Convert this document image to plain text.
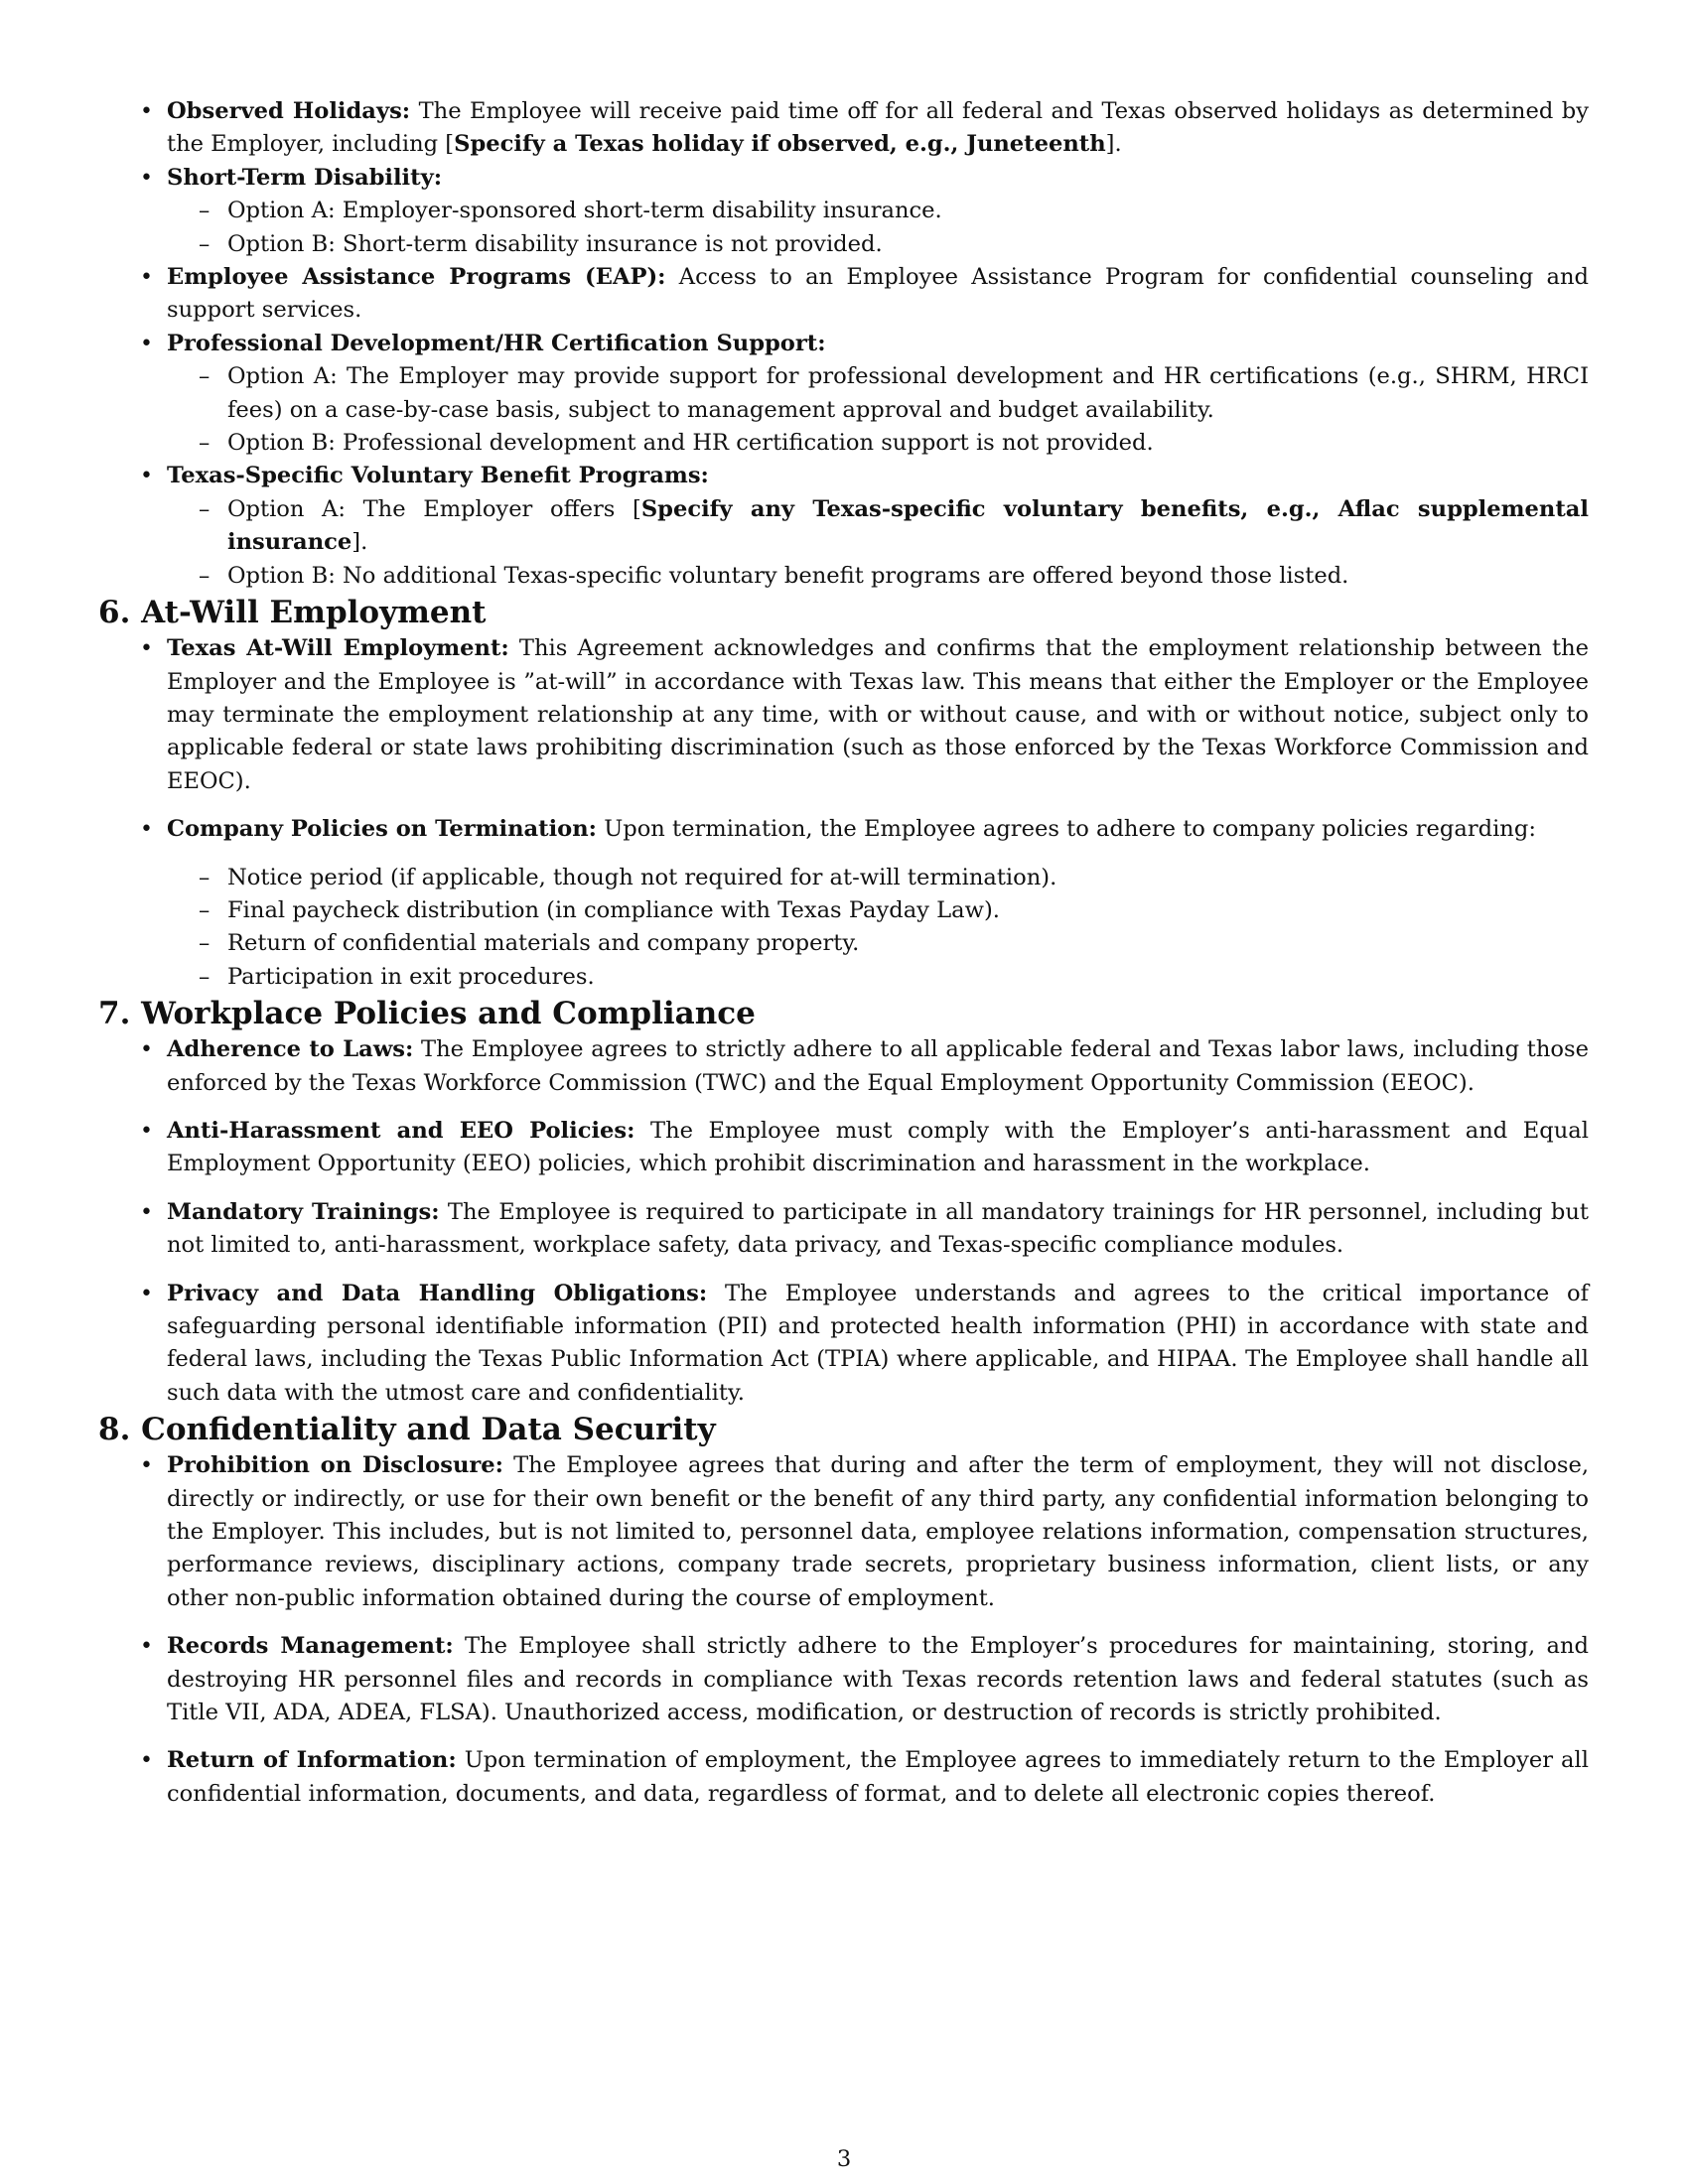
• Observed Holidays: The Employee will receive paid time off for all federal and Texas observed holidays as determined by the Employer, including [Specify a Texas holiday if observed, e.g., Juneteenth].
• Short-Term Disability:
– Option A: Employer-sponsored short-term disability insurance.
– Option B: Short-term disability insurance is not provided.
• Employee Assistance Programs (EAP): Access to an Employee Assistance Program for confidential counseling and support services.
• Professional Development/HR Certification Support:
– Option A: The Employer may provide support for professional development and HR certifications (e.g., SHRM, HRCI fees) on a case-by-case basis, subject to management approval and budget availability.
– Option B: Professional development and HR certification support is not provided.
• Texas-Specific Voluntary Benefit Programs:
– Option A: The Employer offers [Specify any Texas-specific voluntary benefits, e.g., Aflac supplemental insurance].
– Option B: No additional Texas-specific voluntary benefit programs are offered beyond those listed.
6. At-Will Employment
• Texas At-Will Employment: This Agreement acknowledges and confirms that the employment relationship between the Employer and the Employee is ”at-will” in accordance with Texas law. This means that either the Employer or the Employee may terminate the employment relationship at any time, with or without cause, and with or without notice, subject only to applicable federal or state laws prohibiting discrimination (such as those enforced by the Texas Workforce Commission and EEOC).
• Company Policies on Termination: Upon termination, the Employee agrees to adhere to company policies regarding:
– Notice period (if applicable, though not required for at-will termination).
– Final paycheck distribution (in compliance with Texas Payday Law).
– Return of confidential materials and company property.
– Participation in exit procedures.
7. Workplace Policies and Compliance
• Adherence to Laws: The Employee agrees to strictly adhere to all applicable federal and Texas labor laws, including those enforced by the Texas Workforce Commission (TWC) and the Equal Employment Opportunity Commission (EEOC).
• Anti-Harassment and EEO Policies: The Employee must comply with the Employer’s anti-harassment and Equal Employment Opportunity (EEO) policies, which prohibit discrimination and harassment in the workplace.
• Mandatory Trainings: The Employee is required to participate in all mandatory trainings for HR personnel, including but not limited to, anti-harassment, workplace safety, data privacy, and Texas-specific compliance modules.
• Privacy and Data Handling Obligations: The Employee understands and agrees to the critical importance of safeguarding personal identifiable information (PII) and protected health information (PHI) in accordance with state and federal laws, including the Texas Public Information Act (TPIA) where applicable, and HIPAA. The Employee shall handle all such data with the utmost care and confidentiality.
8. Confidentiality and Data Security
• Prohibition on Disclosure: The Employee agrees that during and after the term of employment, they will not disclose, directly or indirectly, or use for their own benefit or the benefit of any third party, any confidential information belonging to the Employer. This includes, but is not limited to, personnel data, employee relations information, compensation structures, performance reviews, disciplinary actions, company trade secrets, proprietary business information, client lists, or any other non-public information obtained during the course of employment.
• Records Management: The Employee shall strictly adhere to the Employer’s procedures for maintaining, storing, and destroying HR personnel files and records in compliance with Texas records retention laws and federal statutes (such as Title VII, ADA, ADEA, FLSA). Unauthorized access, modification, or destruction of records is strictly prohibited.
• Return of Information: Upon termination of employment, the Employee agrees to immediately return to the Employer all confidential information, documents, and data, regardless of format, and to delete all electronic copies thereof.
3
